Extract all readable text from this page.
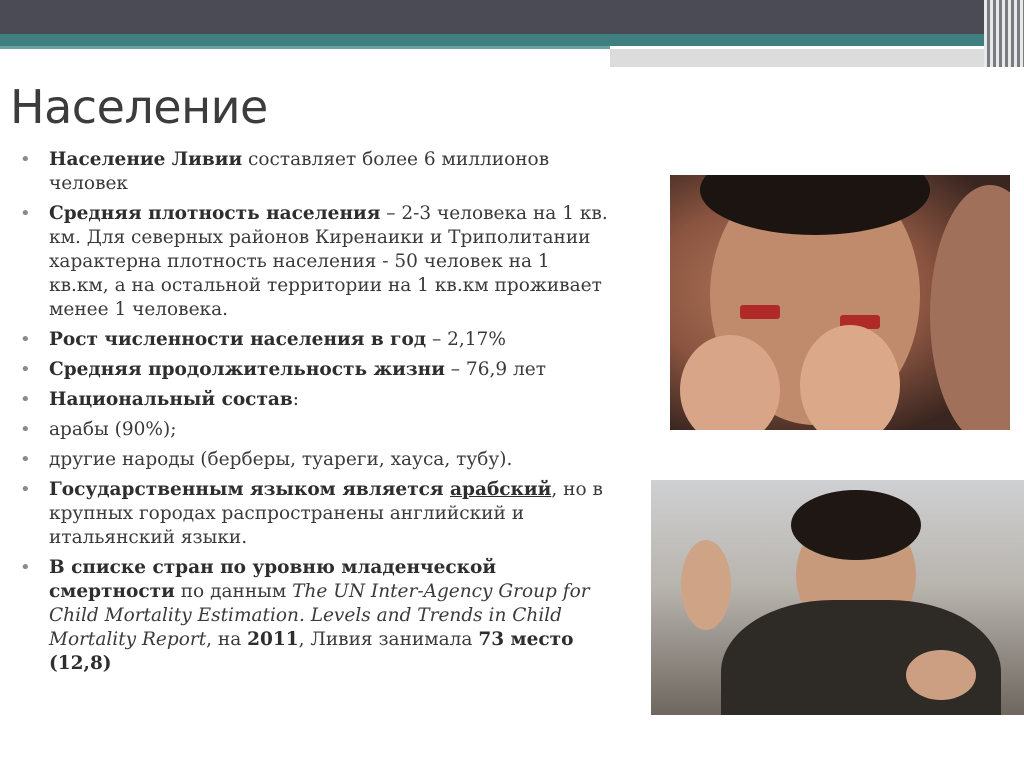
Население
• Население Ливии составляет более 6 миллионов человек
• Средняя плотность населения – 2-3 человека на 1 кв. км. Для северных районов Киренаики и Триполитании характерна плотность населения - 50 человек на 1 кв.км, а на остальной территории на 1 кв.км проживает менее 1 человека.
• Рост численности населения в год – 2,17%
• Средняя продолжительность жизни – 76,9 лет
• Национальный состав:
• арабы (90%);
• другие народы (берберы, туареги, хауса, тубу).
• Государственным языком является арабский, но в крупных городах распространены английский и итальянский языки.
• В списке стран по уровню младенческой смертности по данным The UN Inter-Agency Group for Child Mortality Estimation. Levels and Trends in Child Mortality Report, на 2011, Ливия занимала 73 место (12,8)
